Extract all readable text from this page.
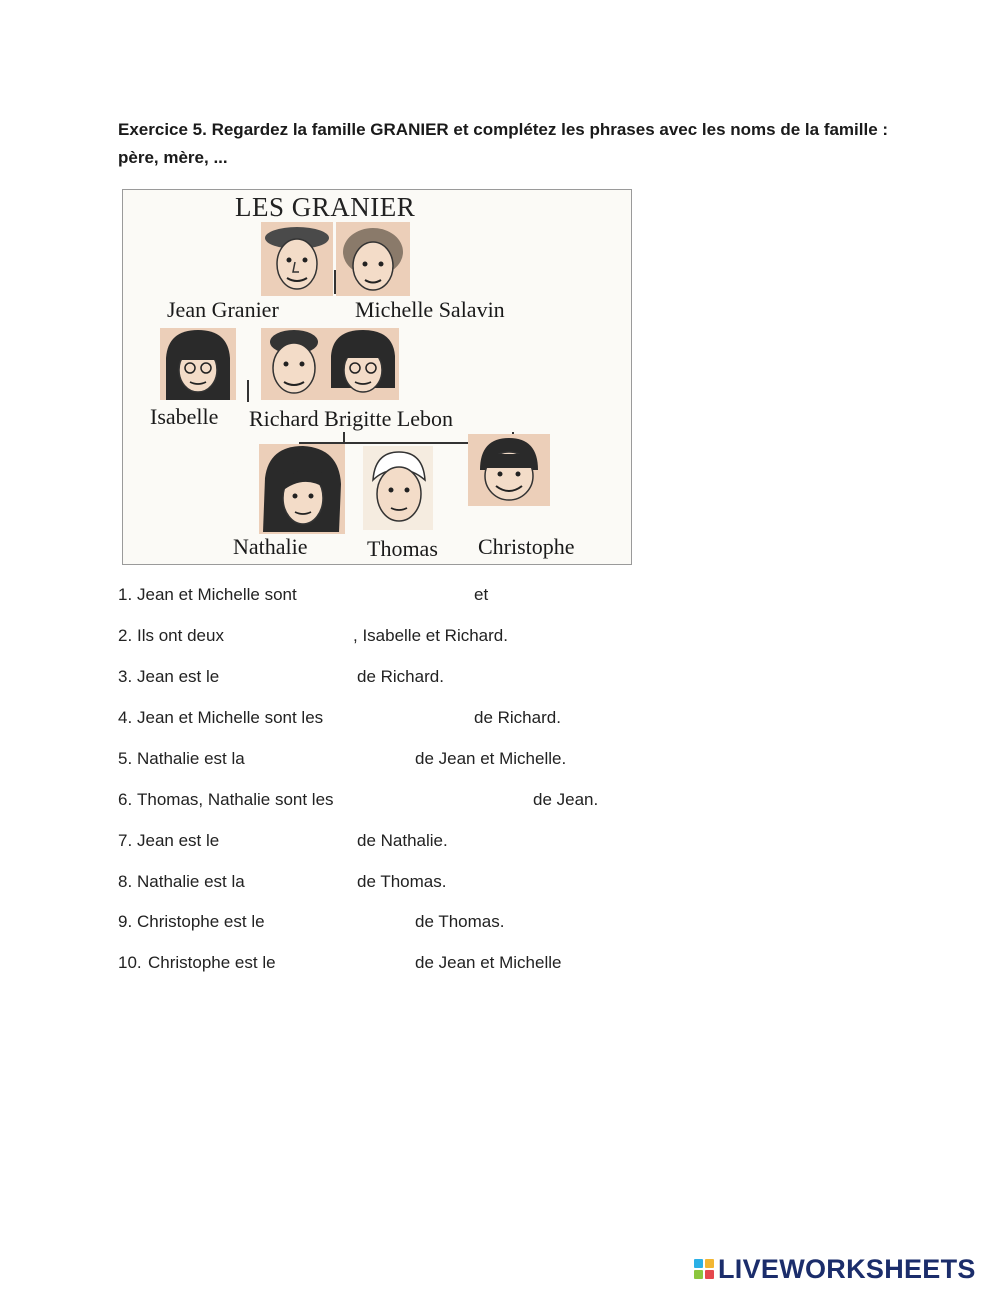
Exercice 5. Regardez la famille GRANIER et complétez les phrases avec les noms de la famille : père, mère, ...
LES GRANIER
Jean Granier	Michelle Salavin
Isabelle Richard Brigitte Lebon
Nathalie	Thomas Christophe
1. Jean et Michelle sont	et
2. Ils ont deux	, Isabelle et Richard.
3. Jean est le	de Richard.
4. Jean et Michelle sont les	de Richard.
5. Nathalie est la	de Jean et Michelle.
6. Thomas, Nathalie sont les	de Jean.
7. Jean est le	de Nathalie.
8. Nathalie est la	de Thomas.
9. Christophe est le	de Thomas.
10. Christophe est le	de Jean et Michelle
LIVEWORKSHEETS
